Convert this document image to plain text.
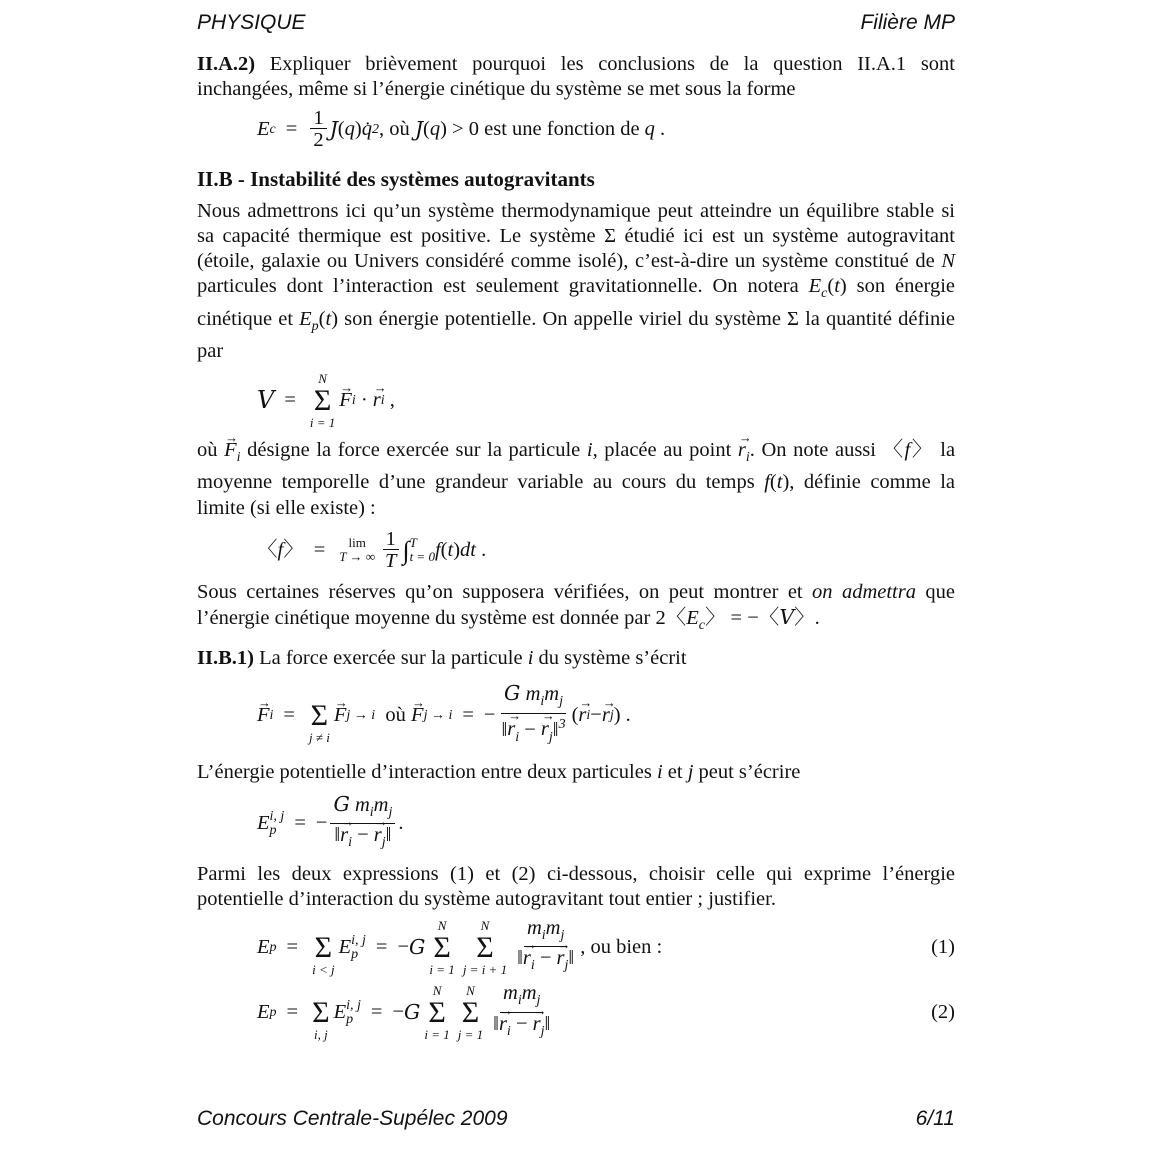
PHYSIQUE	Filière MP

II.A.2) Expliquer brièvement pourquoi les conclusions de la question II.A.1 sont inchangées, même si l’énergie cinétique du système se met sous la forme

E $c = \frac{1}{2}$ J ( q ) q̇ 2 , où
J ( q ) > 0 est une fonction de
q .

II.B - Instabilité des systèmes autogravitants

Nous admettrons ici qu’un système thermodynamique peut atteindre un équilibre stable si sa capacité thermique est positive. Le système Σ étudié ici est un système autogravitant (étoile, galaxie ou Univers considéré comme isolé), c’est-à-dire un système constitué de N particules dont l’interaction est seulement gravitationnelle. On notera $E_c(t)$ son énergie cinétique et $E_p(t)$ son énergie potentielle. On appelle viriel du système Σ la quantité définie par

V =
N
Σ
i = 1
→ F i · → r i ,

où → $F_i$ désigne la force exercée sur la particule i, placée au point → $r_i$. On note aussi 〈f〉 la moyenne temporelle d’une grandeur variable au cours du temps f(t), définie comme la limite (si elle existe) :

〈 f 〉 = lim
T → ∞ $\frac{1}{T}$ ∫ T
t = 0 f ( t ) dt .

Sous certaines réserves qu’on supposera vérifiées, on peut montrer et on admettra que l’énergie cinétique moyenne du système est donnée par 2〈$E_c$〉 = −〈V〉.

II.B.1) La force exercée sur la particule i du système s’écrit

→ F i =
Σ
j ≠ i
→ F j → i
où
→ F j → i = − $\frac{G m_im_j}{‖\to r_i - \to r_j‖^3}$ ( → r i − → r j ) .

L’énergie potentielle d’interaction entre deux particules i et j peut s’écrire

E i, j
p = − $\frac{G m_im_j}{‖\to r_i - \to r_j‖}$ .

Parmi les deux expressions (1) et (2) ci-dessous, choisir celle qui exprime l’énergie potentielle d’interaction du système autogravitant tout entier ; justifier.

E p =
Σ
i < j
E i, j
p = − G
N
Σ
i = 1
N
Σ
$j = i + 1 \frac{m_im_j}{‖\to r_i - \to r_j‖}$ , ou bien :	(1)
E p =
Σ
i, j
E i, j
p = − G
N
Σ
i = 1
N
Σ
$j = 1 \frac{m_im_j}{‖\to r_i - \to r_j‖}$	(2)
Concours Centrale-Supélec 2009	6/11
